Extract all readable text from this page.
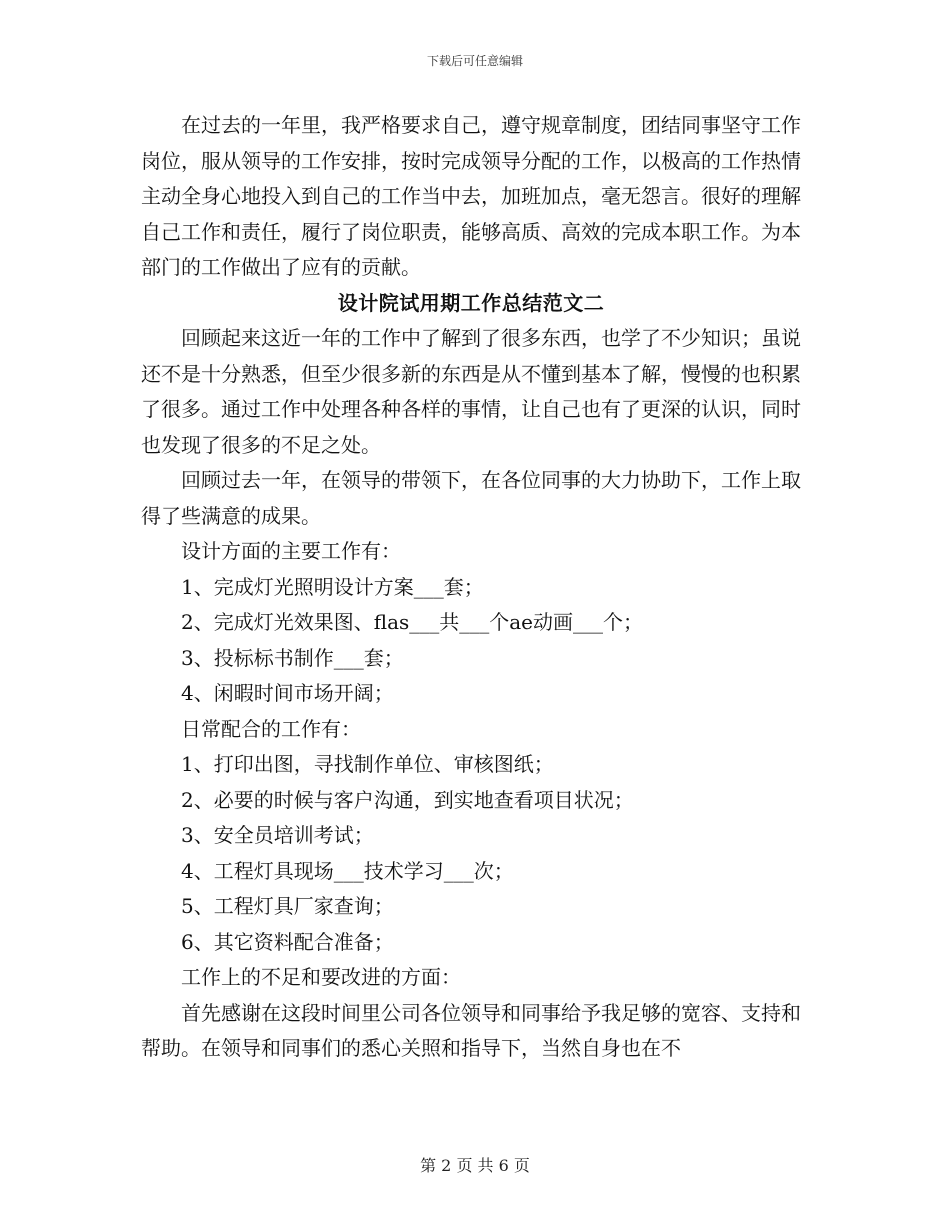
下载后可任意编辑

在过去的一年里，我严格要求自己，遵守规章制度，团结同事坚守工作岗位，服从领导的工作安排，按时完成领导分配的工作，以极高的工作热情主动全身心地投入到自己的工作当中去，加班加点，毫无怨言。很好的理解自己工作和责任，履行了岗位职责，能够高质、高效的完成本职工作。为本部门的工作做出了应有的贡献。

设计院试用期工作总结范文二

回顾起来这近一年的工作中了解到了很多东西，也学了不少知识；虽说还不是十分熟悉，但至少很多新的东西是从不懂到基本了解，慢慢的也积累了很多。通过工作中处理各种各样的事情，让自己也有了更深的认识，同时也发现了很多的不足之处。

回顾过去一年，在领导的带领下，在各位同事的大力协助下，工作上取得了些满意的成果。

设计方面的主要工作有：

1、完成灯光照明设计方案___套；

2、完成灯光效果图、flas___共___个ae动画___个；

3、投标标书制作___套；

4、闲暇时间市场开阔；

日常配合的工作有：

1、打印出图，寻找制作单位、审核图纸；

2、必要的时候与客户沟通，到实地查看项目状况；

3、安全员培训考试；

4、工程灯具现场___技术学习___次；

5、工程灯具厂家查询；

6、其它资料配合准备；

工作上的不足和要改进的方面：

首先感谢在这段时间里公司各位领导和同事给予我足够的宽容、支持和帮助。在领导和同事们的悉心关照和指导下，当然自身也在不

第 2 页 共 6 页
